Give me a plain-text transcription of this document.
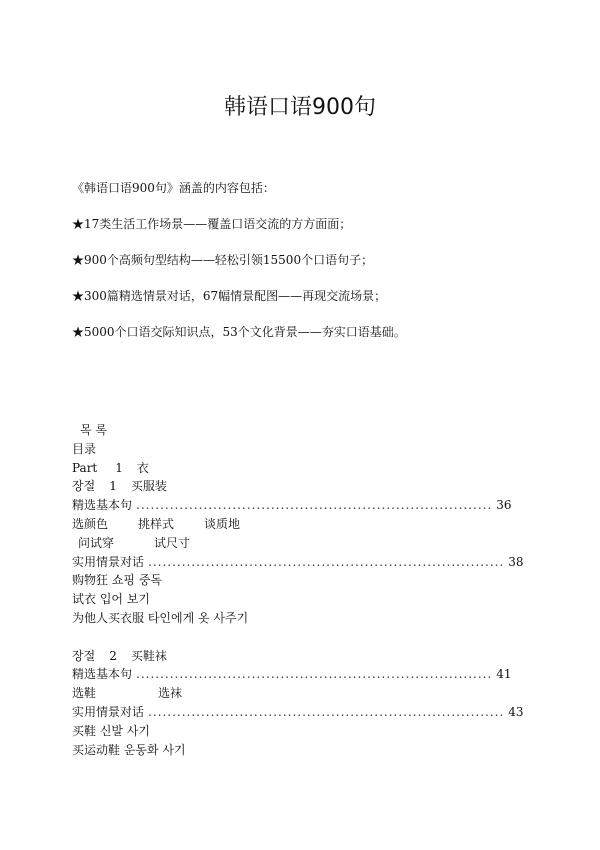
韩语口语900句
《韩语口语900句》涵盖的内容包括：
★17类生活工作场景——覆盖口语交流的方方面面；
★900个高频句型结构——轻松引领15500个口语句子；
★300篇精选情景对话，67幅情景配图——再现交流场景；
★5000个口语交际知识点，53个文化背景——夯实口语基础。
목 록
目录
Part 1 衣
장절 1 买服装
精选基本句 .......................................................................... 36
选颜色	挑样式	谈质地
问试穿	试尺寸
实用情景对话 .......................................................................... 38
购物狂 쇼핑 중독
试衣 입어 보기
为他人买衣服 타인에게 옷 사주기
장절 2 买鞋袜
精选基本句 .......................................................................... 41
选鞋	选袜
实用情景对话 .......................................................................... 43
买鞋 신발 사기
买运动鞋 운동화 사기
